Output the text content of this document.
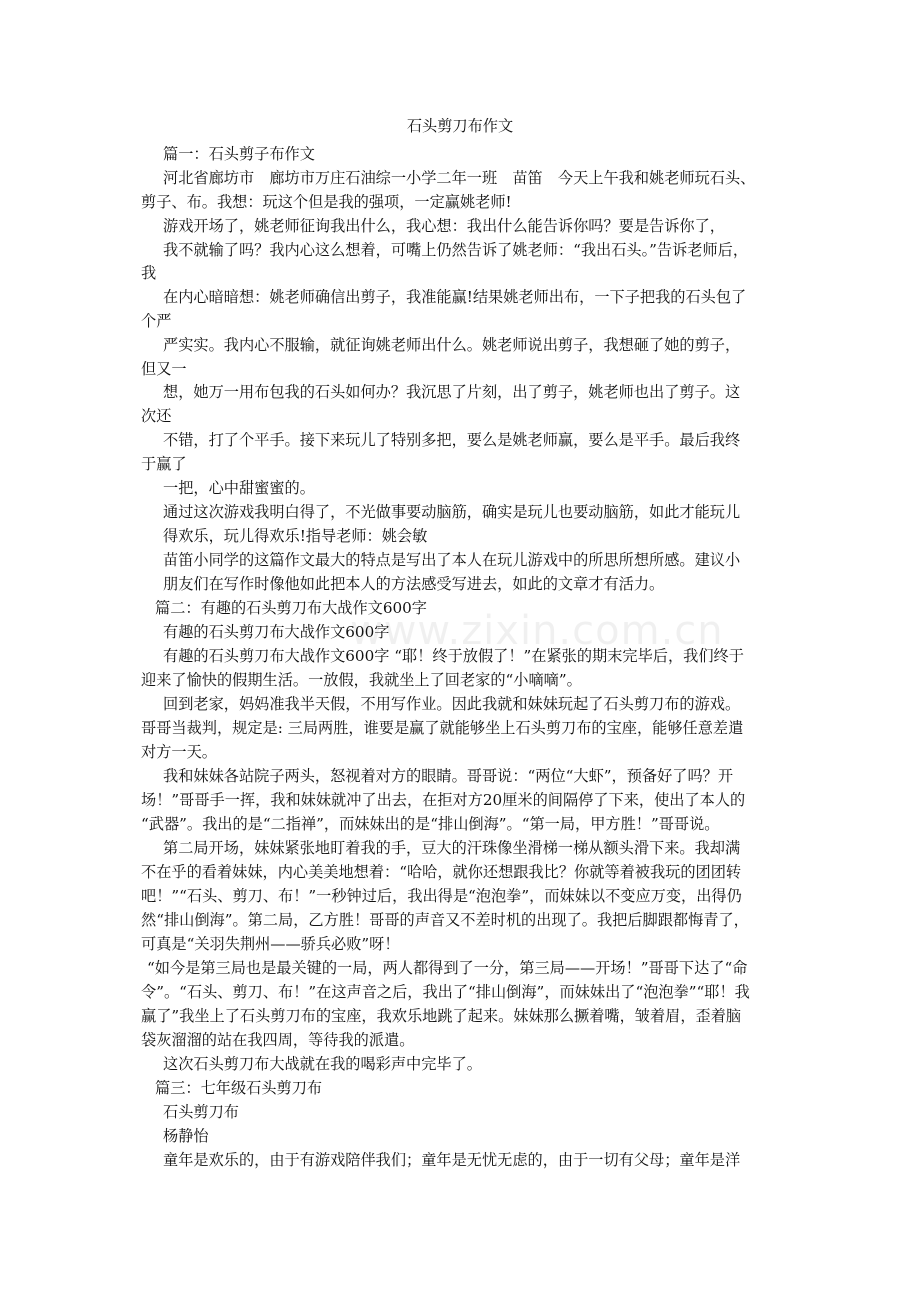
www.zixin.com.cn

石头剪刀布作文

篇一：石头剪子布作文

河北省廊坊市　廊坊市万庄石油综一小学二年一班　苗笛　今天上午我和姚老师玩石头、

剪子、布。我想：玩这个但是我的强项，一定赢姚老师!

游戏开场了，姚老师征询我出什么，我心想：我出什么能告诉你吗？要是告诉你了，

我不就输了吗？我内心这么想着，可嘴上仍然告诉了姚老师：“我出石头。”告诉老师后，

我

在内心暗暗想：姚老师确信出剪子，我准能赢!结果姚老师出布，一下子把我的石头包了

个严

严实实。我内心不服输，就征询姚老师出什么。姚老师说出剪子，我想砸了她的剪子，

但又一

想，她万一用布包我的石头如何办？我沉思了片刻，出了剪子，姚老师也出了剪子。这

次还

不错，打了个平手。接下来玩儿了特别多把，要么是姚老师赢，要么是平手。最后我终

于赢了

一把，心中甜蜜蜜的。

通过这次游戏我明白得了，不光做事要动脑筋，确实是玩儿也要动脑筋，如此才能玩儿

得欢乐，玩儿得欢乐!指导老师：姚会敏

苗笛小同学的这篇作文最大的特点是写出了本人在玩儿游戏中的所思所想所感。建议小

朋友们在写作时像他如此把本人的方法感受写进去，如此的文章才有活力。

篇二：有趣的石头剪刀布大战作文600字

有趣的石头剪刀布大战作文600字

有趣的石头剪刀布大战作文600字 “耶！终于放假了！”在紧张的期末完毕后，我们终于

迎来了愉快的假期生活。一放假，我就坐上了回老家的“小嘀嘀”。

回到老家，妈妈准我半天假，不用写作业。因此我就和妹妹玩起了石头剪刀布的游戏。

哥哥当裁判，规定是: 三局两胜，谁要是赢了就能够坐上石头剪刀布的宝座，能够任意差遣

对方一天。

我和妹妹各站院子两头，怒视着对方的眼睛。哥哥说：“两位“大虾”，预备好了吗？开

场！”哥哥手一挥，我和妹妹就冲了出去，在拒对方20厘米的间隔停了下来，使出了本人的

“武器”。我出的是“二指禅”，而妹妹出的是“排山倒海”。“第一局，甲方胜！”哥哥说。

第二局开场，妹妹紧张地盯着我的手，豆大的汗珠像坐滑梯一梯从额头滑下来。我却满

不在乎的看着妹妹，内心美美地想着：“哈哈，就你还想跟我比？你就等着被我玩的团团转

吧！”“石头、剪刀、布！”一秒钟过后，我出得是“泡泡拳”，而妹妹以不变应万变，出得仍

然“排山倒海”。第二局，乙方胜！哥哥的声音又不差时机的出现了。我把后脚跟都悔青了，

可真是“关羽失荆州——骄兵必败”呀！

“如今是第三局也是最关键的一局，两人都得到了一分，第三局——开场！”哥哥下达了“命

令”。“石头、剪刀、布！”在这声音之后，我出了“排山倒海”，而妹妹出了“泡泡拳”“耶！我

赢了”我坐上了石头剪刀布的宝座，我欢乐地跳了起来。妹妹那么撅着嘴，皱着眉，歪着脑

袋灰溜溜的站在我四周，等待我的派遣。

这次石头剪刀布大战就在我的喝彩声中完毕了。

篇三：七年级石头剪刀布

石头剪刀布

杨静怡

童年是欢乐的，由于有游戏陪伴我们；童年是无忧无虑的，由于一切有父母；童年是洋
